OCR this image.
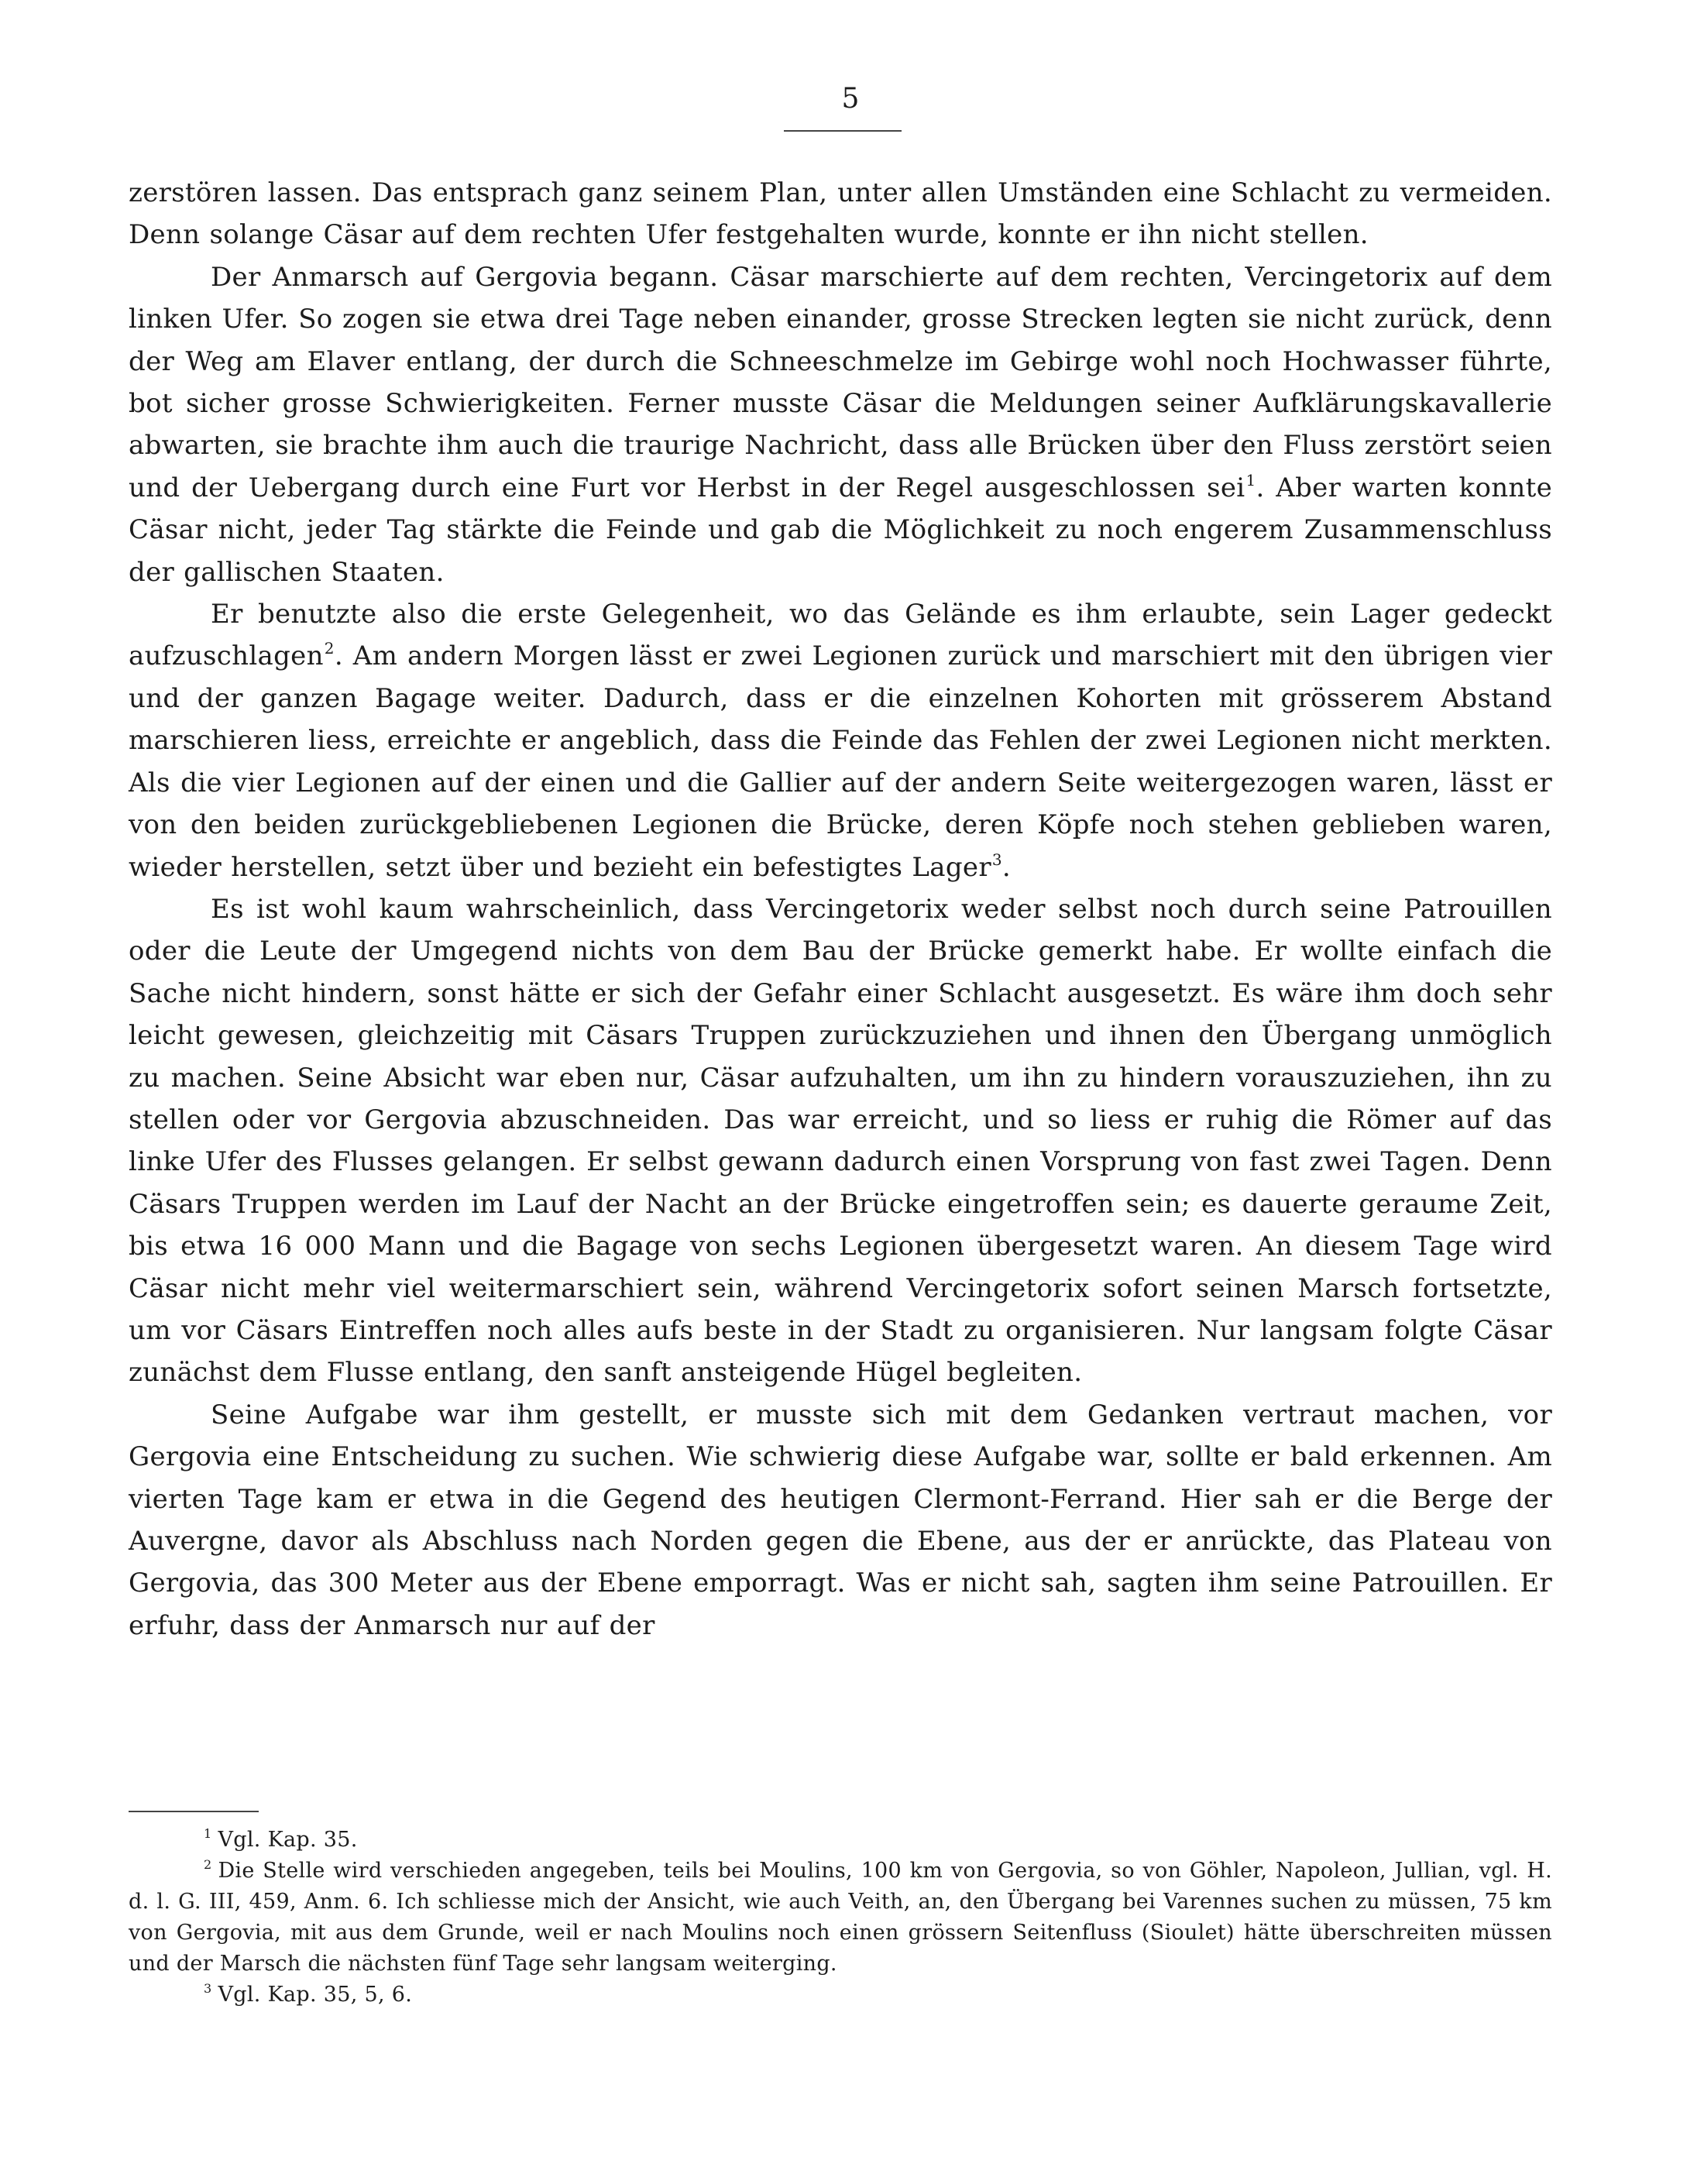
5

zerstören lassen. Das entsprach ganz seinem Plan, unter allen Umständen eine Schlacht zu vermeiden. Denn solange Cäsar auf dem rechten Ufer festgehalten wurde, konnte er ihn nicht stellen.

Der Anmarsch auf Gergovia begann. Cäsar marschierte auf dem rechten, Vercingetorix auf dem linken Ufer. So zogen sie etwa drei Tage neben einander, grosse Strecken legten sie nicht zurück, denn der Weg am Elaver entlang, der durch die Schneeschmelze im Gebirge wohl noch Hochwasser führte, bot sicher grosse Schwierigkeiten. Ferner musste Cäsar die Meldungen seiner Aufklärungskavallerie abwarten, sie brachte ihm auch die traurige Nachricht, dass alle Brücken über den Fluss zerstört seien und der Uebergang durch eine Furt vor Herbst in der Regel ausgeschlossen sei$^1$. Aber warten konnte Cäsar nicht, jeder Tag stärkte die Feinde und gab die Möglichkeit zu noch engerem Zusammenschluss der gallischen Staaten.

Er benutzte also die erste Gelegenheit, wo das Gelände es ihm erlaubte, sein Lager gedeckt aufzuschlagen$^2$. Am andern Morgen lässt er zwei Legionen zurück und marschiert mit den übrigen vier und der ganzen Bagage weiter. Dadurch, dass er die einzelnen Kohorten mit grösserem Abstand marschieren liess, erreichte er angeblich, dass die Feinde das Fehlen der zwei Legionen nicht merkten. Als die vier Legionen auf der einen und die Gallier auf der andern Seite weitergezogen waren, lässt er von den beiden zurückgebliebenen Legionen die Brücke, deren Köpfe noch stehen geblieben waren, wieder herstellen, setzt über und bezieht ein befestigtes Lager$^3$.

Es ist wohl kaum wahrscheinlich, dass Vercingetorix weder selbst noch durch seine Patrouillen oder die Leute der Umgegend nichts von dem Bau der Brücke gemerkt habe. Er wollte einfach die Sache nicht hindern, sonst hätte er sich der Gefahr einer Schlacht ausgesetzt. Es wäre ihm doch sehr leicht gewesen, gleichzeitig mit Cäsars Truppen zurückzuziehen und ihnen den Übergang unmöglich zu machen. Seine Absicht war eben nur, Cäsar aufzuhalten, um ihn zu hindern vorauszuziehen, ihn zu stellen oder vor Gergovia abzuschneiden. Das war erreicht, und so liess er ruhig die Römer auf das linke Ufer des Flusses gelangen. Er selbst gewann dadurch einen Vorsprung von fast zwei Tagen. Denn Cäsars Truppen werden im Lauf der Nacht an der Brücke eingetroffen sein; es dauerte geraume Zeit, bis etwa 16 000 Mann und die Bagage von sechs Legionen übergesetzt waren. An diesem Tage wird Cäsar nicht mehr viel weitermarschiert sein, während Vercingetorix sofort seinen Marsch fortsetzte, um vor Cäsars Eintreffen noch alles aufs beste in der Stadt zu organisieren. Nur langsam folgte Cäsar zunächst dem Flusse entlang, den sanft ansteigende Hügel begleiten.

Seine Aufgabe war ihm gestellt, er musste sich mit dem Gedanken vertraut machen, vor Gergovia eine Entscheidung zu suchen. Wie schwierig diese Aufgabe war, sollte er bald erkennen. Am vierten Tage kam er etwa in die Gegend des heutigen Clermont-Ferrand. Hier sah er die Berge der Auvergne, davor als Abschluss nach Norden gegen die Ebene, aus der er anrückte, das Plateau von Gergovia, das 300 Meter aus der Ebene emporragt. Was er nicht sah, sagten ihm seine Patrouillen. Er erfuhr, dass der Anmarsch nur auf der

$^1$ Vgl. Kap. 35.

$^2$ Die Stelle wird verschieden angegeben, teils bei Moulins, 100 km von Gergovia, so von Göhler, Napoleon, Jullian, vgl. H. d. l. G. III, 459, Anm. 6. Ich schliesse mich der Ansicht, wie auch Veith, an, den Übergang bei Varennes suchen zu müssen, 75 km von Gergovia, mit aus dem Grunde, weil er nach Moulins noch einen grössern Seitenfluss (Sioulet) hätte überschreiten müssen und der Marsch die nächsten fünf Tage sehr langsam weiterging.

$^3$ Vgl. Kap. 35, 5, 6.
